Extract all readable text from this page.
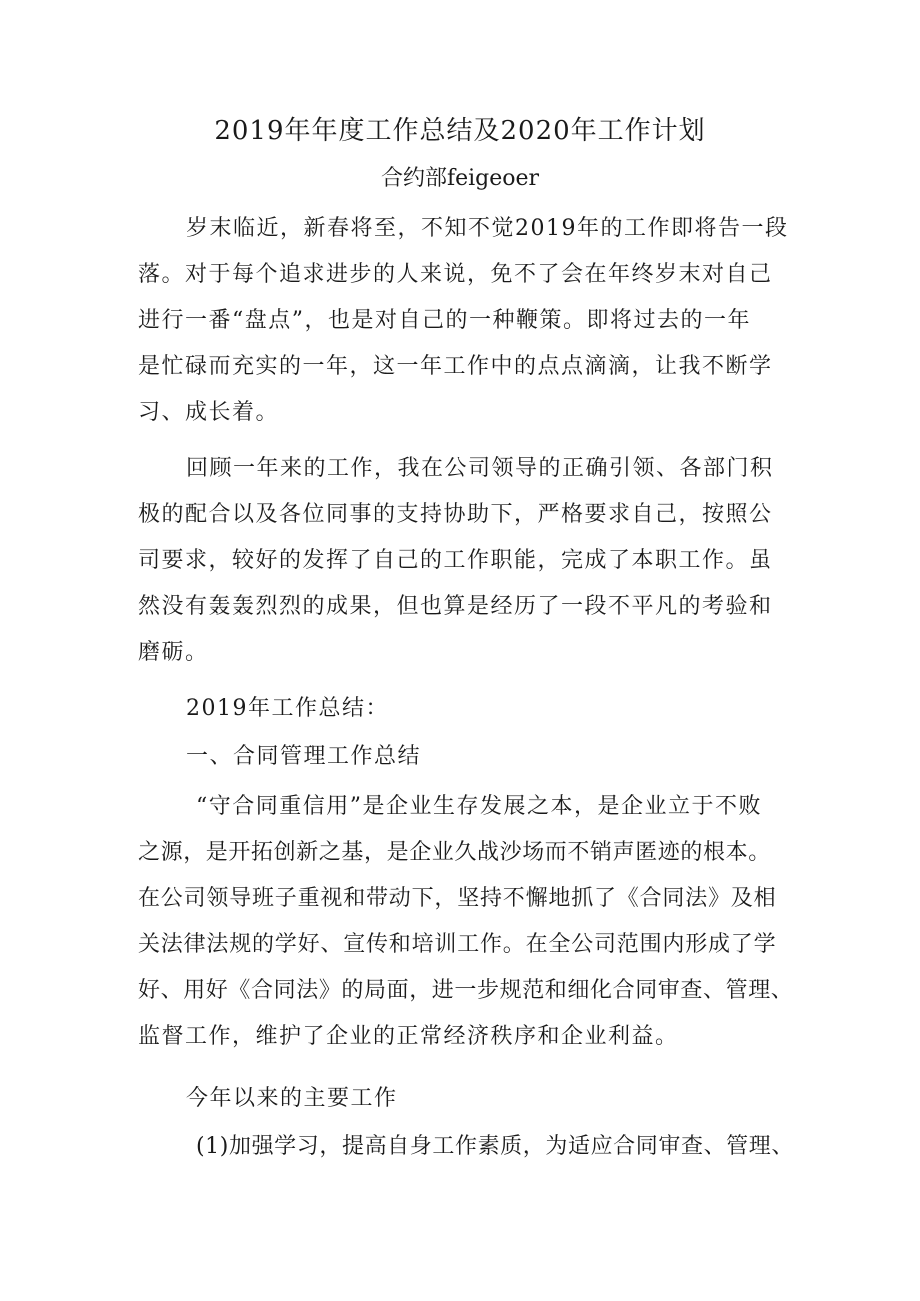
2019年年度工作总结及2020年工作计划

合约部feigeoer

岁末临近，新春将至，不知不觉2019年的工作即将告一段

落。对于每个追求进步的人来说，免不了会在年终岁末对自己

进行一番“盘点”，也是对自己的一种鞭策。即将过去的一年

是忙碌而充实的一年，这一年工作中的点点滴滴，让我不断学

习、成长着。

回顾一年来的工作，我在公司领导的正确引领、各部门积

极的配合以及各位同事的支持协助下，严格要求自己，按照公

司要求，较好的发挥了自己的工作职能，完成了本职工作。虽

然没有轰轰烈烈的成果，但也算是经历了一段不平凡的考验和

磨砺。

2019年工作总结：

一、合同管理工作总结

“守合同重信用”是企业生存发展之本，是企业立于不败

之源，是开拓创新之基，是企业久战沙场而不销声匿迹的根本。

在公司领导班子重视和带动下，坚持不懈地抓了《合同法》及相

关法律法规的学好、宣传和培训工作。在全公司范围内形成了学

好、用好《合同法》的局面，进一步规范和细化合同审查、管理、

监督工作，维护了企业的正常经济秩序和企业利益。

今年以来的主要工作

(1)加强学习，提高自身工作素质，为适应合同审查、管理、
